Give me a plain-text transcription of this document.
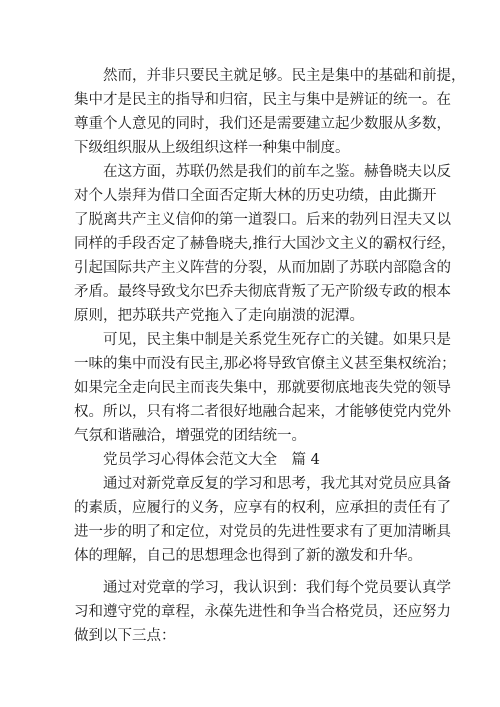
然而，并非只要民主就足够。民主是集中的基础和前提，
集中才是民主的指导和归宿，民主与集中是辨证的统一。在
尊重个人意见的同时，我们还是需要建立起少数服从多数，
下级组织服从上级组织这样一种集中制度。
在这方面，苏联仍然是我们的前车之鉴。赫鲁晓夫以反
对个人崇拜为借口全面否定斯大林的历史功绩，由此撕开
了脱离共产主义信仰的第一道裂口。后来的勃列日涅夫又以
同样的手段否定了赫鲁晓夫,推行大国沙文主义的霸权行经，
引起国际共产主义阵营的分裂，从而加剧了苏联内部隐含的
矛盾。最终导致戈尔巴乔夫彻底背叛了无产阶级专政的根本
原则，把苏联共产党拖入了走向崩溃的泥潭。
可见，民主集中制是关系党生死存亡的关键。如果只是
一味的集中而没有民主,那必将导致官僚主义甚至集权统治；
如果完全走向民主而丧失集中，那就要彻底地丧失党的领导
权。所以，只有将二者很好地融合起来，才能够使党内党外
气氛和谐融洽，增强党的团结统一。
党员学习心得体会范文大全　篇 4
通过对新党章反复的学习和思考，我尤其对党员应具备
的素质，应履行的义务，应享有的权利，应承担的责任有了
进一步的明了和定位，对党员的先进性要求有了更加清晰具
体的理解，自己的思想理念也得到了新的激发和升华。
通过对党章的学习，我认识到：我们每个党员要认真学
习和遵守党的章程，永葆先进性和争当合格党员，还应努力
做到以下三点：
